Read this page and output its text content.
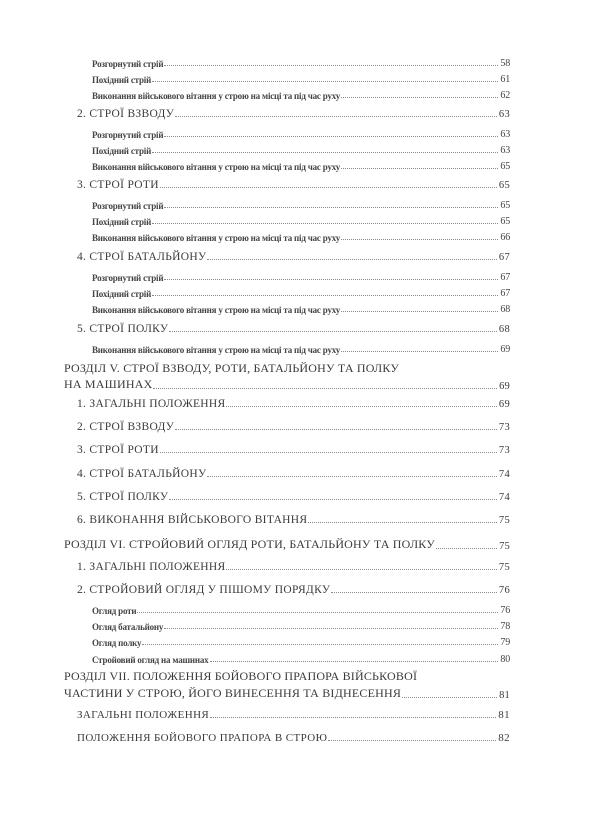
Розгорнутий стрій	58
Похідний стрій	61
Виконання військового вітання у строю на місці та під час руху	62
2. СТРОЇ ВЗВОДУ	63
Розгорнутий стрій	63
Похідний стрій	63
Виконання військового вітання у строю на місці та під час руху	65
3. СТРОЇ РОТИ	65
Розгорнутий стрій	65
Похідний стрій	65
Виконання військового вітання у строю на місці та під час руху	66
4. СТРОЇ БАТАЛЬЙОНУ	67
Розгорнутий стрій	67
Похідний стрій	67
Виконання військового вітання у строю на місці та під час руху	68
5. СТРОЇ ПОЛКУ	68
Виконання військового вітання у строю на місці та під час руху	69
РОЗДІЛ V. СТРОЇ ВЗВОДУ, РОТИ, БАТАЛЬЙОНУ ТА ПОЛКУ
НА МАШИНАХ	69
1. ЗАГАЛЬНІ ПОЛОЖЕННЯ	69
2. СТРОЇ ВЗВОДУ	73
3. СТРОЇ РОТИ	73
4. СТРОЇ БАТАЛЬЙОНУ	74
5. СТРОЇ ПОЛКУ	74
6. ВИКОНАННЯ ВІЙСЬКОВОГО ВІТАННЯ	75
РОЗДІЛ VI. СТРОЙОВИЙ ОГЛЯД РОТИ, БАТАЛЬЙОНУ ТА ПОЛКУ	75
1. ЗАГАЛЬНІ ПОЛОЖЕННЯ	75
2. СТРОЙОВИЙ ОГЛЯД У ПІШОМУ ПОРЯДКУ	76
Огляд роти	76
Огляд батальйону	78
Огляд полку	79
Стройовий огляд на машинах	80
РОЗДІЛ VII. ПОЛОЖЕННЯ БОЙОВОГО ПРАПОРА ВІЙСЬКОВОЇ
ЧАСТИНИ У СТРОЮ, ЙОГО ВИНЕСЕННЯ ТА ВІДНЕСЕННЯ	81
ЗАГАЛЬНІ ПОЛОЖЕННЯ	81
ПОЛОЖЕННЯ БОЙОВОГО ПРАПОРА В СТРОЮ	82
